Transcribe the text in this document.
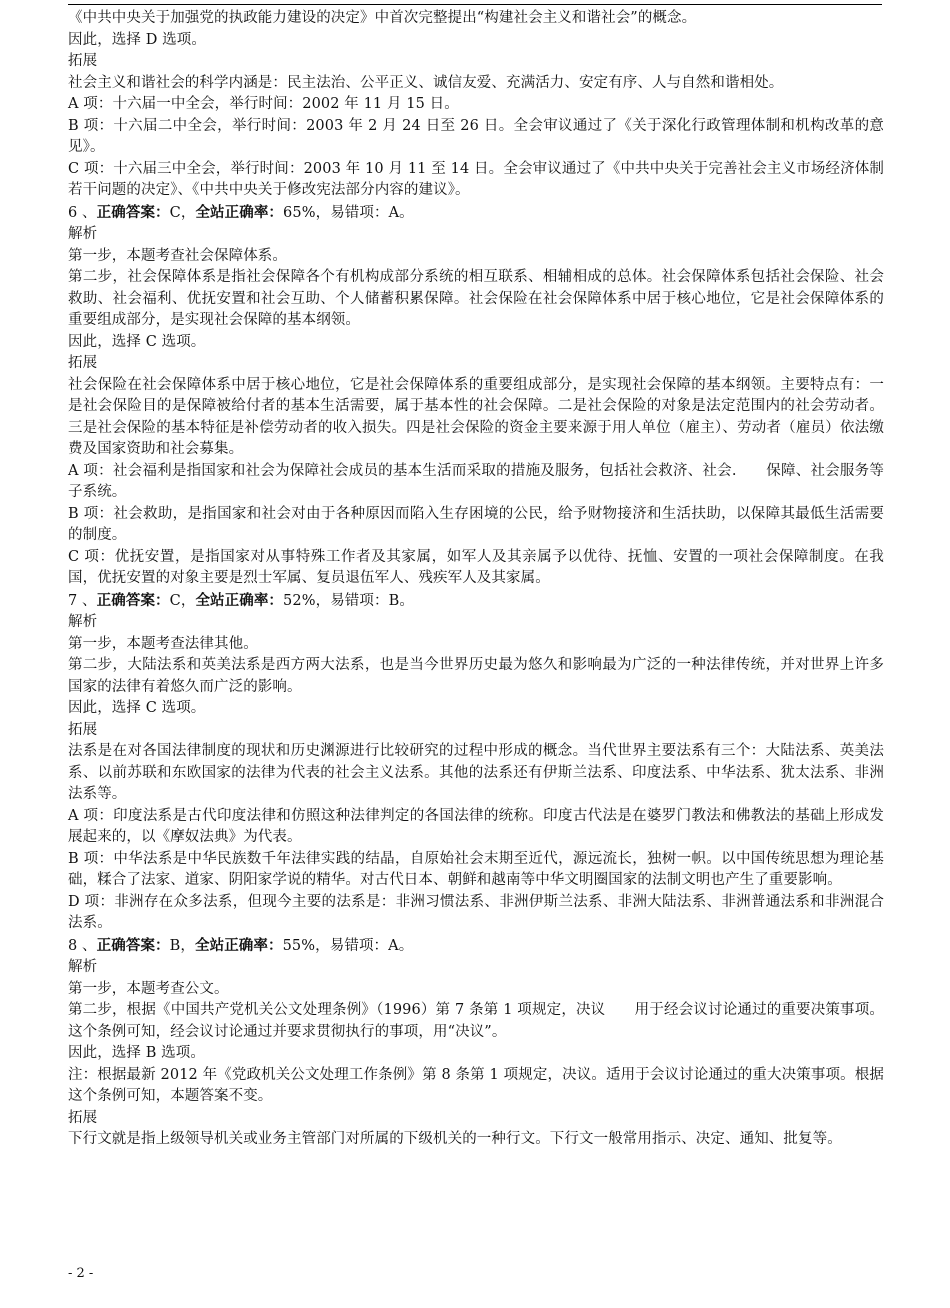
《中共中央关于加强党的执政能力建设的决定》中首次完整提出“构建社会主义和谐社会”的概念。

因此，选择 D 选项。

拓展

社会主义和谐社会的科学内涵是：民主法治、公平正义、诚信友爱、充满活力、安定有序、人与自然和谐相处。

A 项：十六届一中全会，举行时间：2002 年 11 月 15 日。

B 项：十六届二中全会，举行时间：2003 年 2 月 24 日至 26 日。全会审议通过了《关于深化行政管理体制和机构改革的意见》。

C 项：十六届三中全会，举行时间：2003 年 10 月 11 至 14 日。全会审议通过了《中共中央关于完善社会主义市场经济体制若干问题的决定》、《中共中央关于修改宪法部分内容的建议》。

6 、正确答案：C，全站正确率：65%，易错项：A。

解析

第一步，本题考查社会保障体系。

第二步，社会保障体系是指社会保障各个有机构成部分系统的相互联系、相辅相成的总体。社会保障体系包括社会保险、社会救助、社会福利、优抚安置和社会互助、个人储蓄积累保障。社会保险在社会保障体系中居于核心地位，它是社会保障体系的重要组成部分，是实现社会保障的基本纲领。

因此，选择 C 选项。

拓展

社会保险在社会保障体系中居于核心地位，它是社会保障体系的重要组成部分，是实现社会保障的基本纲领。主要特点有：一是社会保险目的是保障被给付者的基本生活需要，属于基本性的社会保障。二是社会保险的对象是法定范围内的社会劳动者。三是社会保险的基本特征是补偿劳动者的收入损失。四是社会保险的资金主要来源于用人单位（雇主）、劳动者（雇员）依法缴费及国家资助和社会募集。

A 项：社会福利是指国家和社会为保障社会成员的基本生活而采取的措施及服务，包括社会救济、社会.　　保障、社会服务等子系统。

B 项：社会救助，是指国家和社会对由于各种原因而陷入生存困境的公民，给予财物接济和生活扶助，以保障其最低生活需要的制度。

C 项：优抚安置，是指国家对从事特殊工作者及其家属，如军人及其亲属予以优待、抚恤、安置的一项社会保障制度。在我国，优抚安置的对象主要是烈士军属、复员退伍军人、残疾军人及其家属。

7 、正确答案：C，全站正确率：52%，易错项：B。

解析

第一步，本题考查法律其他。

第二步，大陆法系和英美法系是西方两大法系，也是当今世界历史最为悠久和影响最为广泛的一种法律传统，并对世界上许多国家的法律有着悠久而广泛的影响。

因此，选择 C 选项。

拓展

法系是在对各国法律制度的现状和历史渊源进行比较研究的过程中形成的概念。当代世界主要法系有三个：大陆法系、英美法系、以前苏联和东欧国家的法律为代表的社会主义法系。其他的法系还有伊斯兰法系、印度法系、中华法系、犹太法系、非洲法系等。

A 项：印度法系是古代印度法律和仿照这种法律判定的各国法律的统称。印度古代法是在婆罗门教法和佛教法的基础上形成发展起来的，以《摩奴法典》为代表。

B 项：中华法系是中华民族数千年法律实践的结晶，自原始社会末期至近代，源远流长，独树一帜。以中国传统思想为理论基础，糅合了法家、道家、阴阳家学说的精华。对古代日本、朝鲜和越南等中华文明圈国家的法制文明也产生了重要影响。

D 项：非洲存在众多法系，但现今主要的法系是：非洲习惯法系、非洲伊斯兰法系、非洲大陆法系、非洲普通法系和非洲混合法系。

8 、正确答案：B，全站正确率：55%，易错项：A。

解析

第一步，本题考查公文。

第二步，根据《中国共产党机关公文处理条例》（1996）第 7 条第 1 项规定，决议　　用于经会议讨论通过的重要决策事项。这个条例可知，经会议讨论通过并要求贯彻执行的事项，用“决议”。

因此，选择 B 选项。

注：根据最新 2012 年《党政机关公文处理工作条例》第 8 条第 1 项规定，决议。适用于会议讨论通过的重大决策事项。根据这个条例可知，本题答案不变。

拓展

下行文就是指上级领导机关或业务主管部门对所属的下级机关的一种行文。下行文一般常用指示、决定、通知、批复等。

- 2 -
